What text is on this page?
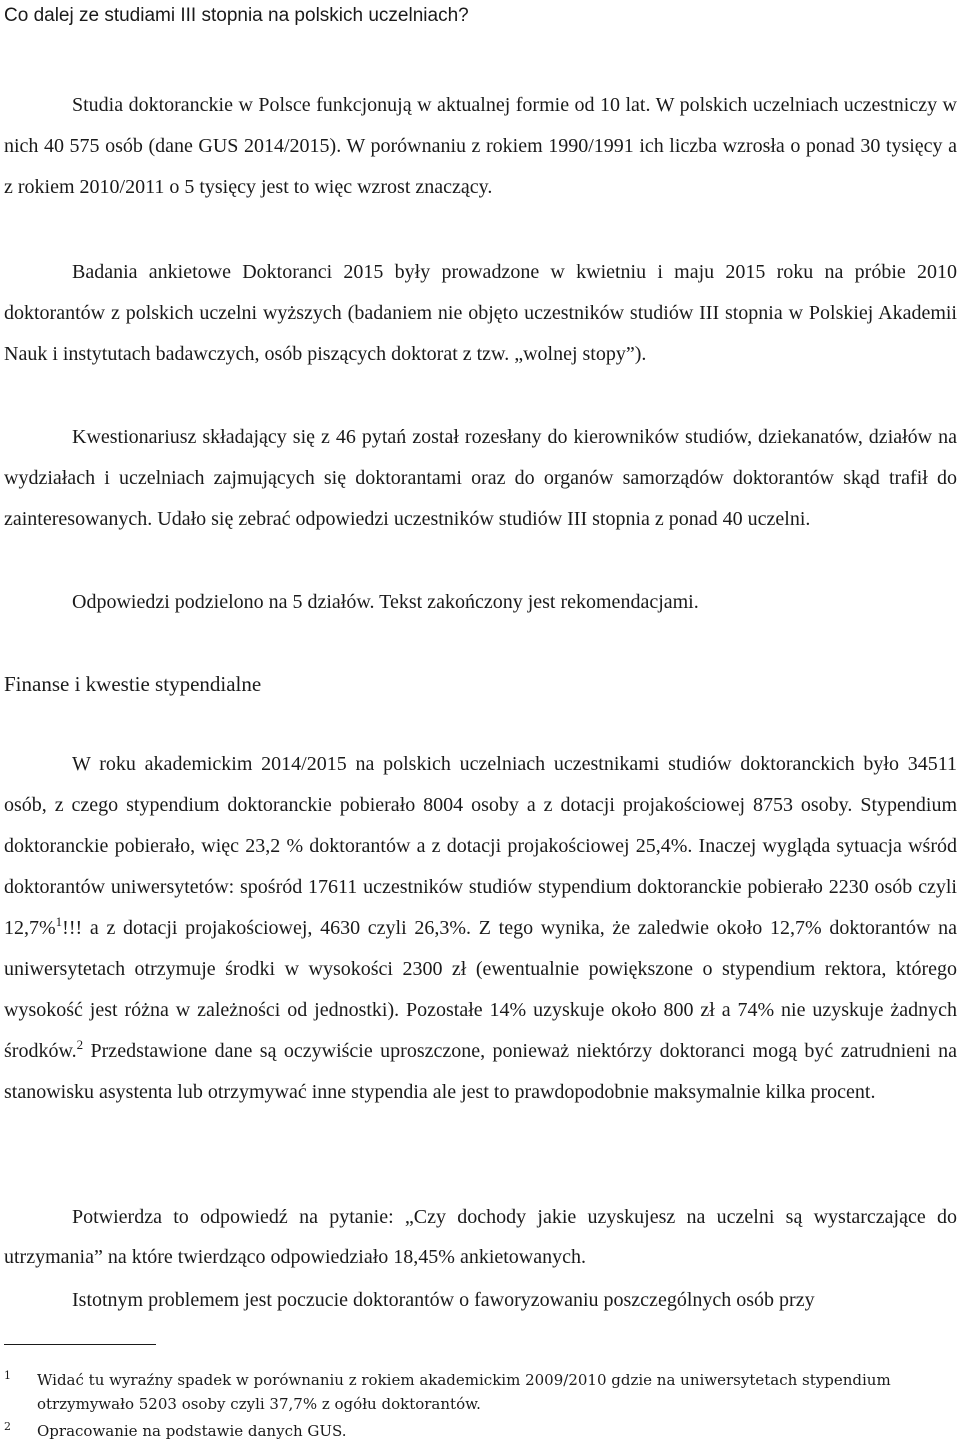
Co dalej ze studiami III stopnia na polskich uczelniach?

Studia doktoranckie w Polsce funkcjonują w aktualnej formie od 10 lat. W polskich uczelniach uczestniczy w nich 40 575 osób (dane GUS 2014/2015). W porównaniu z rokiem 1990/1991 ich liczba wzrosła o ponad 30 tysięcy a z rokiem 2010/2011 o 5 tysięcy jest to więc wzrost znaczący.

Badania ankietowe Doktoranci 2015 były prowadzone w kwietniu i maju 2015 roku na próbie 2010 doktorantów z polskich uczelni wyższych (badaniem nie objęto uczestników studiów III stopnia w Polskiej Akademii Nauk i instytutach badawczych, osób piszących doktorat z tzw. „wolnej stopy”).

Kwestionariusz składający się z 46 pytań został rozesłany do kierowników studiów, dziekanatów, działów na wydziałach i uczelniach zajmujących się doktorantami oraz do organów samorządów doktorantów skąd trafił do zainteresowanych. Udało się zebrać odpowiedzi uczestników studiów III stopnia z ponad 40 uczelni.

Odpowiedzi podzielono na 5 działów. Tekst zakończony jest rekomendacjami.
Finanse i kwestie stypendialne

W roku akademickim 2014/2015 na polskich uczelniach uczestnikami studiów doktoranckich było 34511 osób, z czego stypendium doktoranckie pobierało 8004 osoby a z dotacji projakościowej 8753 osoby. Stypendium doktoranckie pobierało, więc 23,2 % doktorantów a z dotacji projakościowej 25,4%. Inaczej wygląda sytuacja wśród doktorantów uniwersytetów: spośród 17611 uczestników studiów stypendium doktoranckie pobierało 2230 osób czyli 12,7%$^1$!!! a z dotacji projakościowej, 4630 czyli 26,3%. Z tego wynika, że zaledwie około 12,7% doktorantów na uniwersytetach otrzymuje środki w wysokości 2300 zł (ewentualnie powiększone o stypendium rektora, którego wysokość jest różna w zależności od jednostki). Pozostałe 14% uzyskuje około 800 zł a 74% nie uzyskuje żadnych środków.$^2$ Przedstawione dane są oczywiście uproszczone, ponieważ niektórzy doktoranci mogą być zatrudnieni na stanowisku asystenta lub otrzymywać inne stypendia ale jest to prawdopodobnie maksymalnie kilka procent.

Potwierdza to odpowiedź na pytanie: „Czy dochody jakie uzyskujesz na uczelni są wystarczające do utrzymania” na które twierdząco odpowiedziało 18,45% ankietowanych.

Istotnym problemem jest poczucie doktorantów o faworyzowaniu poszczególnych osób przy
1 Widać tu wyraźny spadek w porównaniu z rokiem akademickim 2009/2010 gdzie na uniwersytetach stypendium otrzymywało 5203 osoby czyli 37,7% z ogółu doktorantów.
2 Opracowanie na podstawie danych GUS.
